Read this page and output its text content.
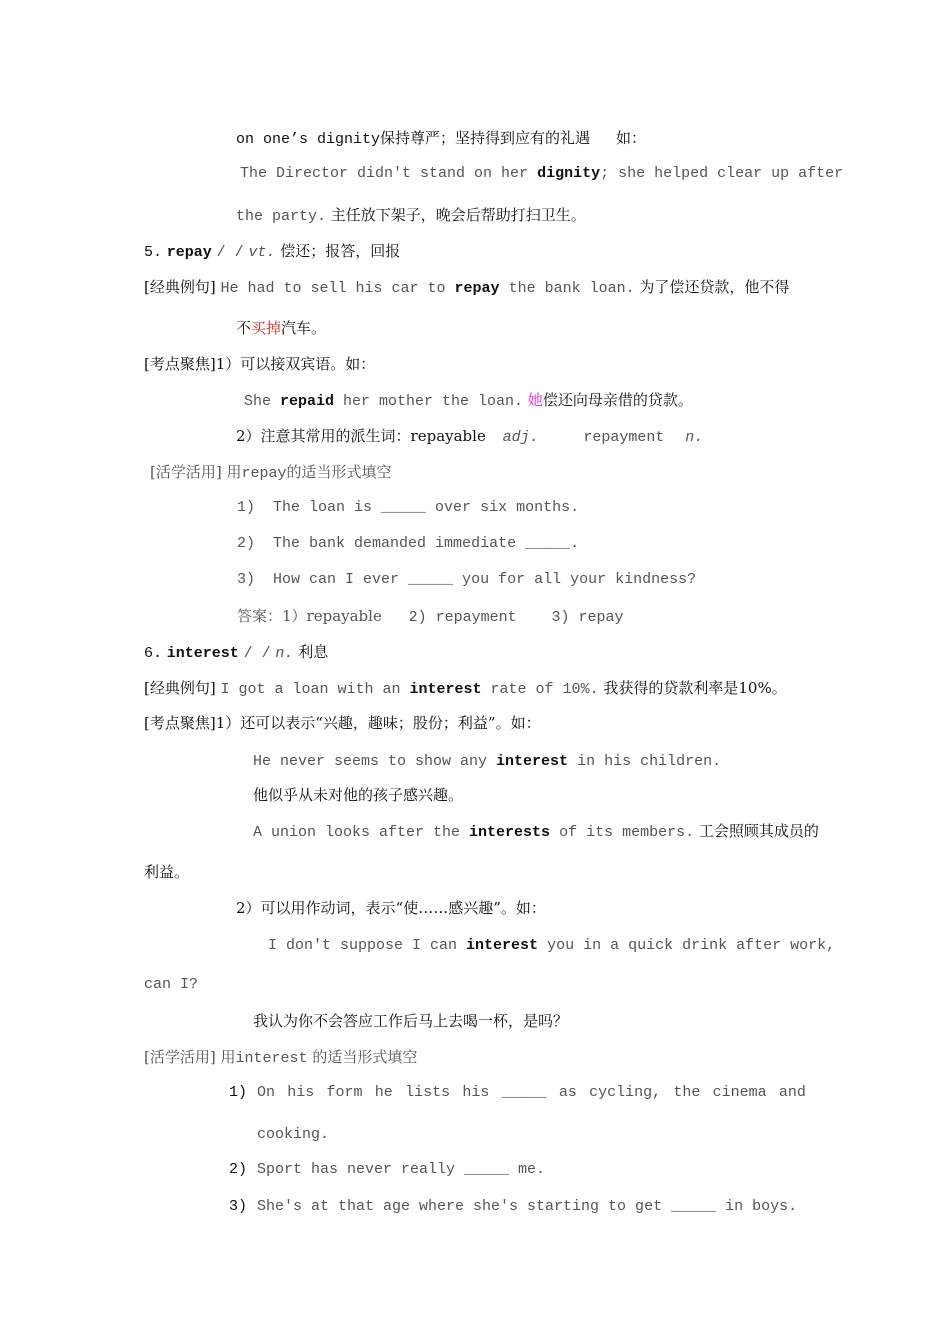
on one’s dignity保持尊严；坚持得到应有的礼遇 如：
The Director didn't stand on her dignity; she helped clear up after
the party. 主任放下架子，晚会后帮助打扫卫生。
5. repay / / vt. 偿还；报答，回报
[经典例句] He had to sell his car to repay the bank loan. 为了偿还贷款，他不得
不买掉汽车。
[考点聚焦]1）可以接双宾语。如：
She repaid her mother the loan. 她偿还向母亲借的贷款。
2）注意其常用的派生词：repayable adj.	repayment n.
[活学活用] 用repay的适当形式填空
1) The loan is _____ over six months.
2) The bank demanded immediate _____.
3) How can I ever _____ you for all your kindness?
答案：1）repayable 2) repayment 3) repay
6. interest / / n. 利息
[经典例句] I got a loan with an interest rate of 10%. 我获得的贷款利率是10%。
[考点聚焦]1）还可以表示“兴趣，趣味；股份；利益”。如：
He never seems to show any interest in his children.
他似乎从未对他的孩子感兴趣。
A union looks after the interests of its members. 工会照顾其成员的
利益。
2）可以用作动词，表示“使……感兴趣”。如：
I don't suppose I can interest you in a quick drink after work,
can I?
我认为你不会答应工作后马上去喝一杯，是吗？
[活学活用] 用interest 的适当形式填空
1) On his form he lists his _____ as cycling, the cinema and
cooking.
2) Sport has never really _____ me.
3) She's at that age where she's starting to get _____ in boys.
